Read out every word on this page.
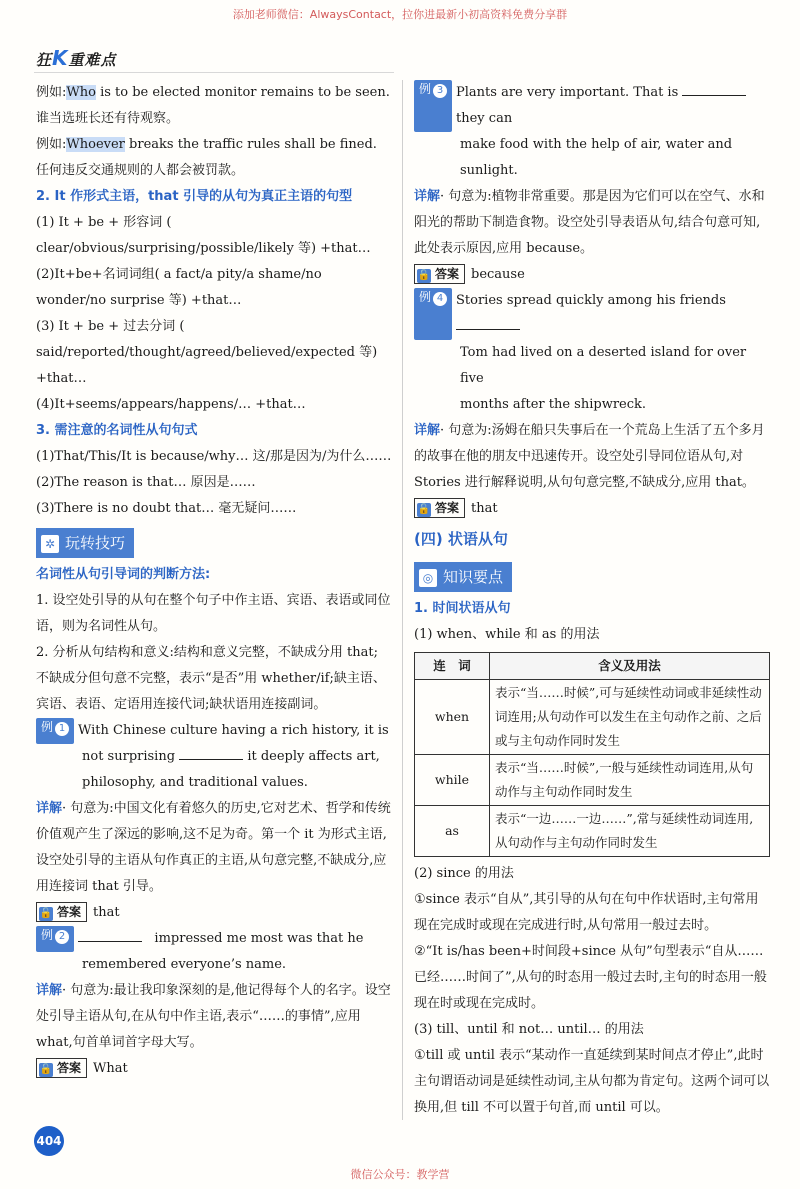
添加老师微信：AlwaysContact，拉你进最新小初高资料免费分享群
狂K重难点

例如:Who is to be elected monitor remains to be seen. 谁当选班长还有待观察。

例如:Whoever breaks the traffic rules shall be fined. 任何违反交通规则的人都会被罚款。

2. It 作形式主语，that 引导的从句为真正主语的句型

(1) It + be + 形容词 ( clear/obvious/surprising/possible/likely 等) +that…

(2)It+be+名词词组( a fact/a pity/a shame/no wonder/no surprise 等) +that…

(3) It + be + 过去分词 ( said/reported/thought/agreed/believed/expected 等) +that…

(4)It+seems/appears/happens/… +that…

3. 需注意的名词性从句句式

(1)That/This/It is because/why… 这/那是因为/为什么……

(2)The reason is that… 原因是……

(3)There is no doubt that… 毫无疑问……

✲ 玩转技巧

名词性从句引导词的判断方法:

1. 设空处引导的从句在整个句子中作主语、宾语、表语或同位语，则为名词性从句。

2. 分析从句结构和意义:结构和意义完整，不缺成分用 that; 不缺成分但句意不完整，表示“是否”用 whether/if;缺主语、宾语、表语、定语用连接代词;缺状语用连接副词。

例 1 With Chinese culture having a rich history, it is

not surprising	it deeply affects art,

philosophy, and traditional values.

详解· 句意为:中国文化有着悠久的历史,它对艺术、哲学和传统价值观产生了深远的影响,这不足为奇。第一个 it 为形式主语,设空处引导的主语从句作真正的主语,从句意完整,不缺成分,应用连接词 that 引导。

🔓 答案 that

例 2	impressed me most was that he

remembered everyone’s name.

详解· 句意为:最让我印象深刻的是,他记得每个人的名字。设空处引导主语从句,在从句中作主语,表示“……的事情”,应用 what,句首单词首字母大写。

🔓 答案 What

例 3 Plants are very important. That is  they can

make food with the help of air, water and sunlight.

详解· 句意为:植物非常重要。那是因为它们可以在空气、水和阳光的帮助下制造食物。设空处引导表语从句,结合句意可知,此处表示原因,应用 because。

🔓 答案 because

例 4 Stories spread quickly among his friends

Tom had lived on a deserted island for over five

months after the shipwreck.

详解· 句意为:汤姆在船只失事后在一个荒岛上生活了五个多月的故事在他的朋友中迅速传开。设空处引导同位语从句,对 Stories 进行解释说明,从句句意完整,不缺成分,应用 that。

🔓 答案 that

(四) 状语从句

◎ 知识要点

1. 时间状语从句

(1) when、while 和 as 的用法

连　词	含义及用法
when	表示“当……时候”,可与延续性动词或非延续性动词连用;从句动作可以发生在主句动作之前、之后或与主句动作同时发生
while	表示“当……时候”,一般与延续性动词连用,从句动作与主句动作同时发生
as	表示“一边……一边……”,常与延续性动词连用,从句动作与主句动作同时发生

(2) since 的用法

①since 表示“自从”,其引导的从句在句中作状语时,主句常用现在完成时或现在完成进行时,从句常用一般过去时。

②“It is/has been+时间段+since 从句”句型表示“自从……已经……时间了”,从句的时态用一般过去时,主句的时态用一般现在时或现在完成时。

(3) till、until 和 not… until… 的用法

①till 或 until 表示“某动作一直延续到某时间点才停止”,此时主句谓语动词是延续性动词,主从句都为肯定句。这两个词可以换用,但 till 不可以置于句首,而 until 可以。

404
微信公众号：教学营
